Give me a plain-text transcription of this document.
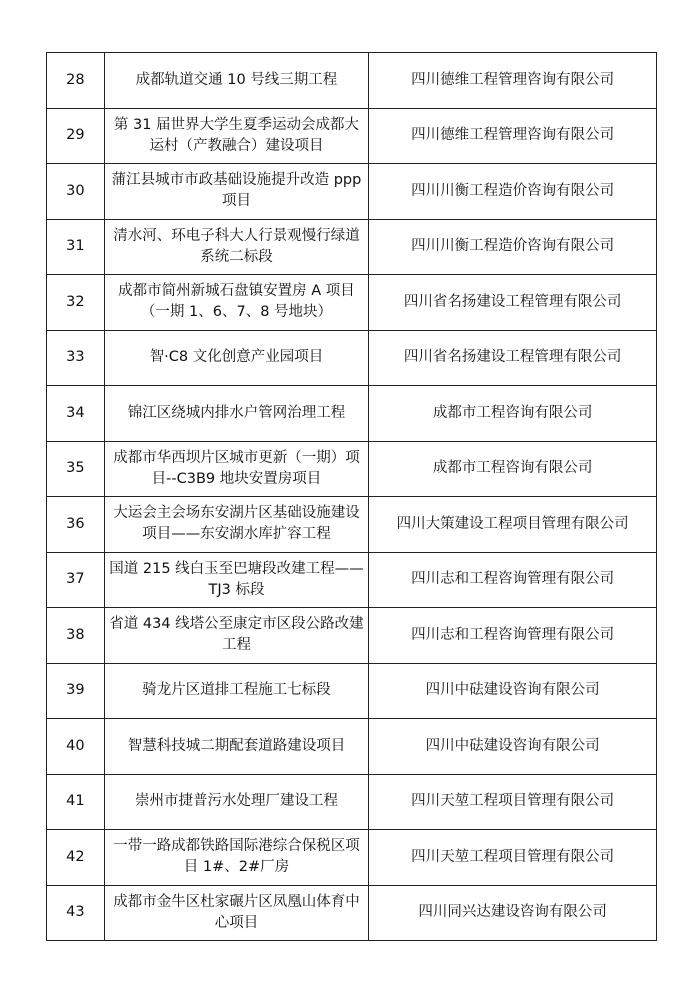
28	成都轨道交通 10 号线三期工程	四川德维工程管理咨询有限公司
29	第 31 届世界大学生夏季运动会成都大运村（产教融合）建设项目	四川德维工程管理咨询有限公司
30	蒲江县城市市政基础设施提升改造 ppp 项目	四川川衡工程造价咨询有限公司
31	清水河、环电子科大人行景观慢行绿道系统二标段	四川川衡工程造价咨询有限公司
32	成都市简州新城石盘镇安置房 A 项目（一期 1、6、7、8 号地块）	四川省名扬建设工程管理有限公司
33	智·C8 文化创意产业园项目	四川省名扬建设工程管理有限公司
34	锦江区绕城内排水户管网治理工程	成都市工程咨询有限公司
35	成都市华西坝片区城市更新（一期）项目--C3B9 地块安置房项目	成都市工程咨询有限公司
36	大运会主会场东安湖片区基础设施建设项目——东安湖水库扩容工程	四川大策建设工程项目管理有限公司
37	国道 215 线白玉至巴塘段改建工程——TJ3 标段	四川志和工程咨询管理有限公司
38	省道 434 线塔公至康定市区段公路改建工程	四川志和工程咨询管理有限公司
39	骑龙片区道排工程施工七标段	四川中砝建设咨询有限公司
40	智慧科技城二期配套道路建设项目	四川中砝建设咨询有限公司
41	崇州市捷普污水处理厂建设工程	四川天堃工程项目管理有限公司
42	一带一路成都铁路国际港综合保税区项目 1#、2#厂房	四川天堃工程项目管理有限公司
43	成都市金牛区杜家碾片区凤凰山体育中心项目	四川同兴达建设咨询有限公司
